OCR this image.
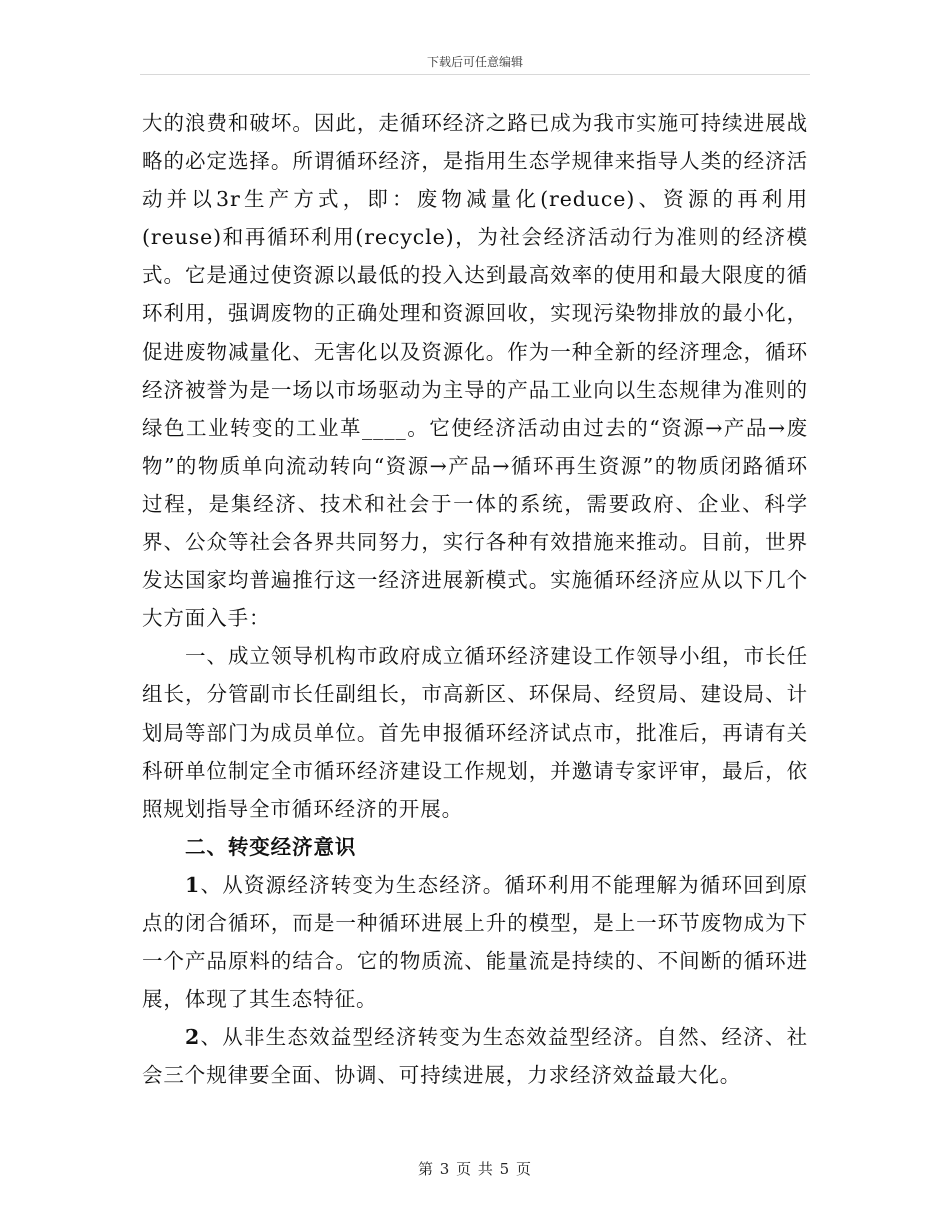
下载后可任意编辑

大的浪费和破坏。因此，走循环经济之路已成为我市实施可持续进展战略的必定选择。所谓循环经济，是指用生态学规律来指导人类的经济活动并以3r生产方式，即：废物减量化(reduce)、资源的再利用(reuse)和再循环利用(recycle)，为社会经济活动行为准则的经济模式。它是通过使资源以最低的投入达到最高效率的使用和最大限度的循环利用，强调废物的正确处理和资源回收，实现污染物排放的最小化，促进废物减量化、无害化以及资源化。作为一种全新的经济理念，循环经济被誉为是一场以市场驱动为主导的产品工业向以生态规律为准则的绿色工业转变的工业革____。它使经济活动由过去的“资源→产品→废物”的物质单向流动转向“资源→产品→循环再生资源”的物质闭路循环过程，是集经济、技术和社会于一体的系统，需要政府、企业、科学界、公众等社会各界共同努力，实行各种有效措施来推动。目前，世界发达国家均普遍推行这一经济进展新模式。实施循环经济应从以下几个大方面入手：

一、成立领导机构市政府成立循环经济建设工作领导小组，市长任组长，分管副市长任副组长，市高新区、环保局、经贸局、建设局、计划局等部门为成员单位。首先申报循环经济试点市，批准后，再请有关科研单位制定全市循环经济建设工作规划，并邀请专家评审，最后，依照规划指导全市循环经济的开展。

二、转变经济意识

1、从资源经济转变为生态经济。循环利用不能理解为循环回到原点的闭合循环，而是一种循环进展上升的模型，是上一环节废物成为下一个产品原料的结合。它的物质流、能量流是持续的、不间断的循环进展，体现了其生态特征。

2、从非生态效益型经济转变为生态效益型经济。自然、经济、社会三个规律要全面、协调、可持续进展，力求经济效益最大化。

第 3 页 共 5 页
